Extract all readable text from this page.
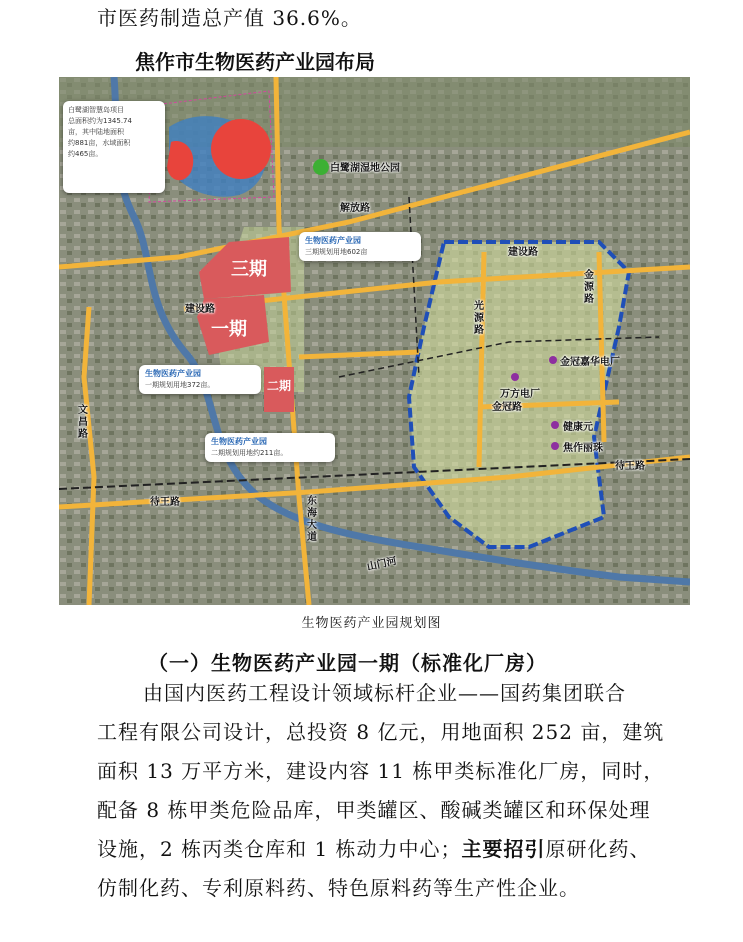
市医药制造总产值 36.6%。
焦作市生物医药产业园布局
白鹭湖智慧岛项目
总面积约为1345.74
亩，其中陆地面积
约881亩，水域面积
约465亩。
生物医药产业园
三期规划用地602亩
生物医药产业园
一期规划用地372亩。
生物医药产业园
二期规划用地约211亩。
三期
一期
二期
白鹭湖湿地公园
金冠嘉华电厂
万方电厂
健康元
焦作丽珠
解放路
建设路
建设路
文昌路
待王路
待王路
东海大道
光源路
金源路
金冠路
山门河
生物医药产业园规划图
（一）生物医药产业园一期（标准化厂房）
由国内医药工程设计领域标杆企业——国药集团联合
工程有限公司设计，总投资 8 亿元，用地面积 252 亩，建筑
面积 13 万平方米，建设内容 11 栋甲类标准化厂房，同时，
配备 8 栋甲类危险品库，甲类罐区、酸碱类罐区和环保处理
设施，2 栋丙类仓库和 1 栋动力中心；主要招引原研化药、
仿制化药、专利原料药、特色原料药等生产性企业。
